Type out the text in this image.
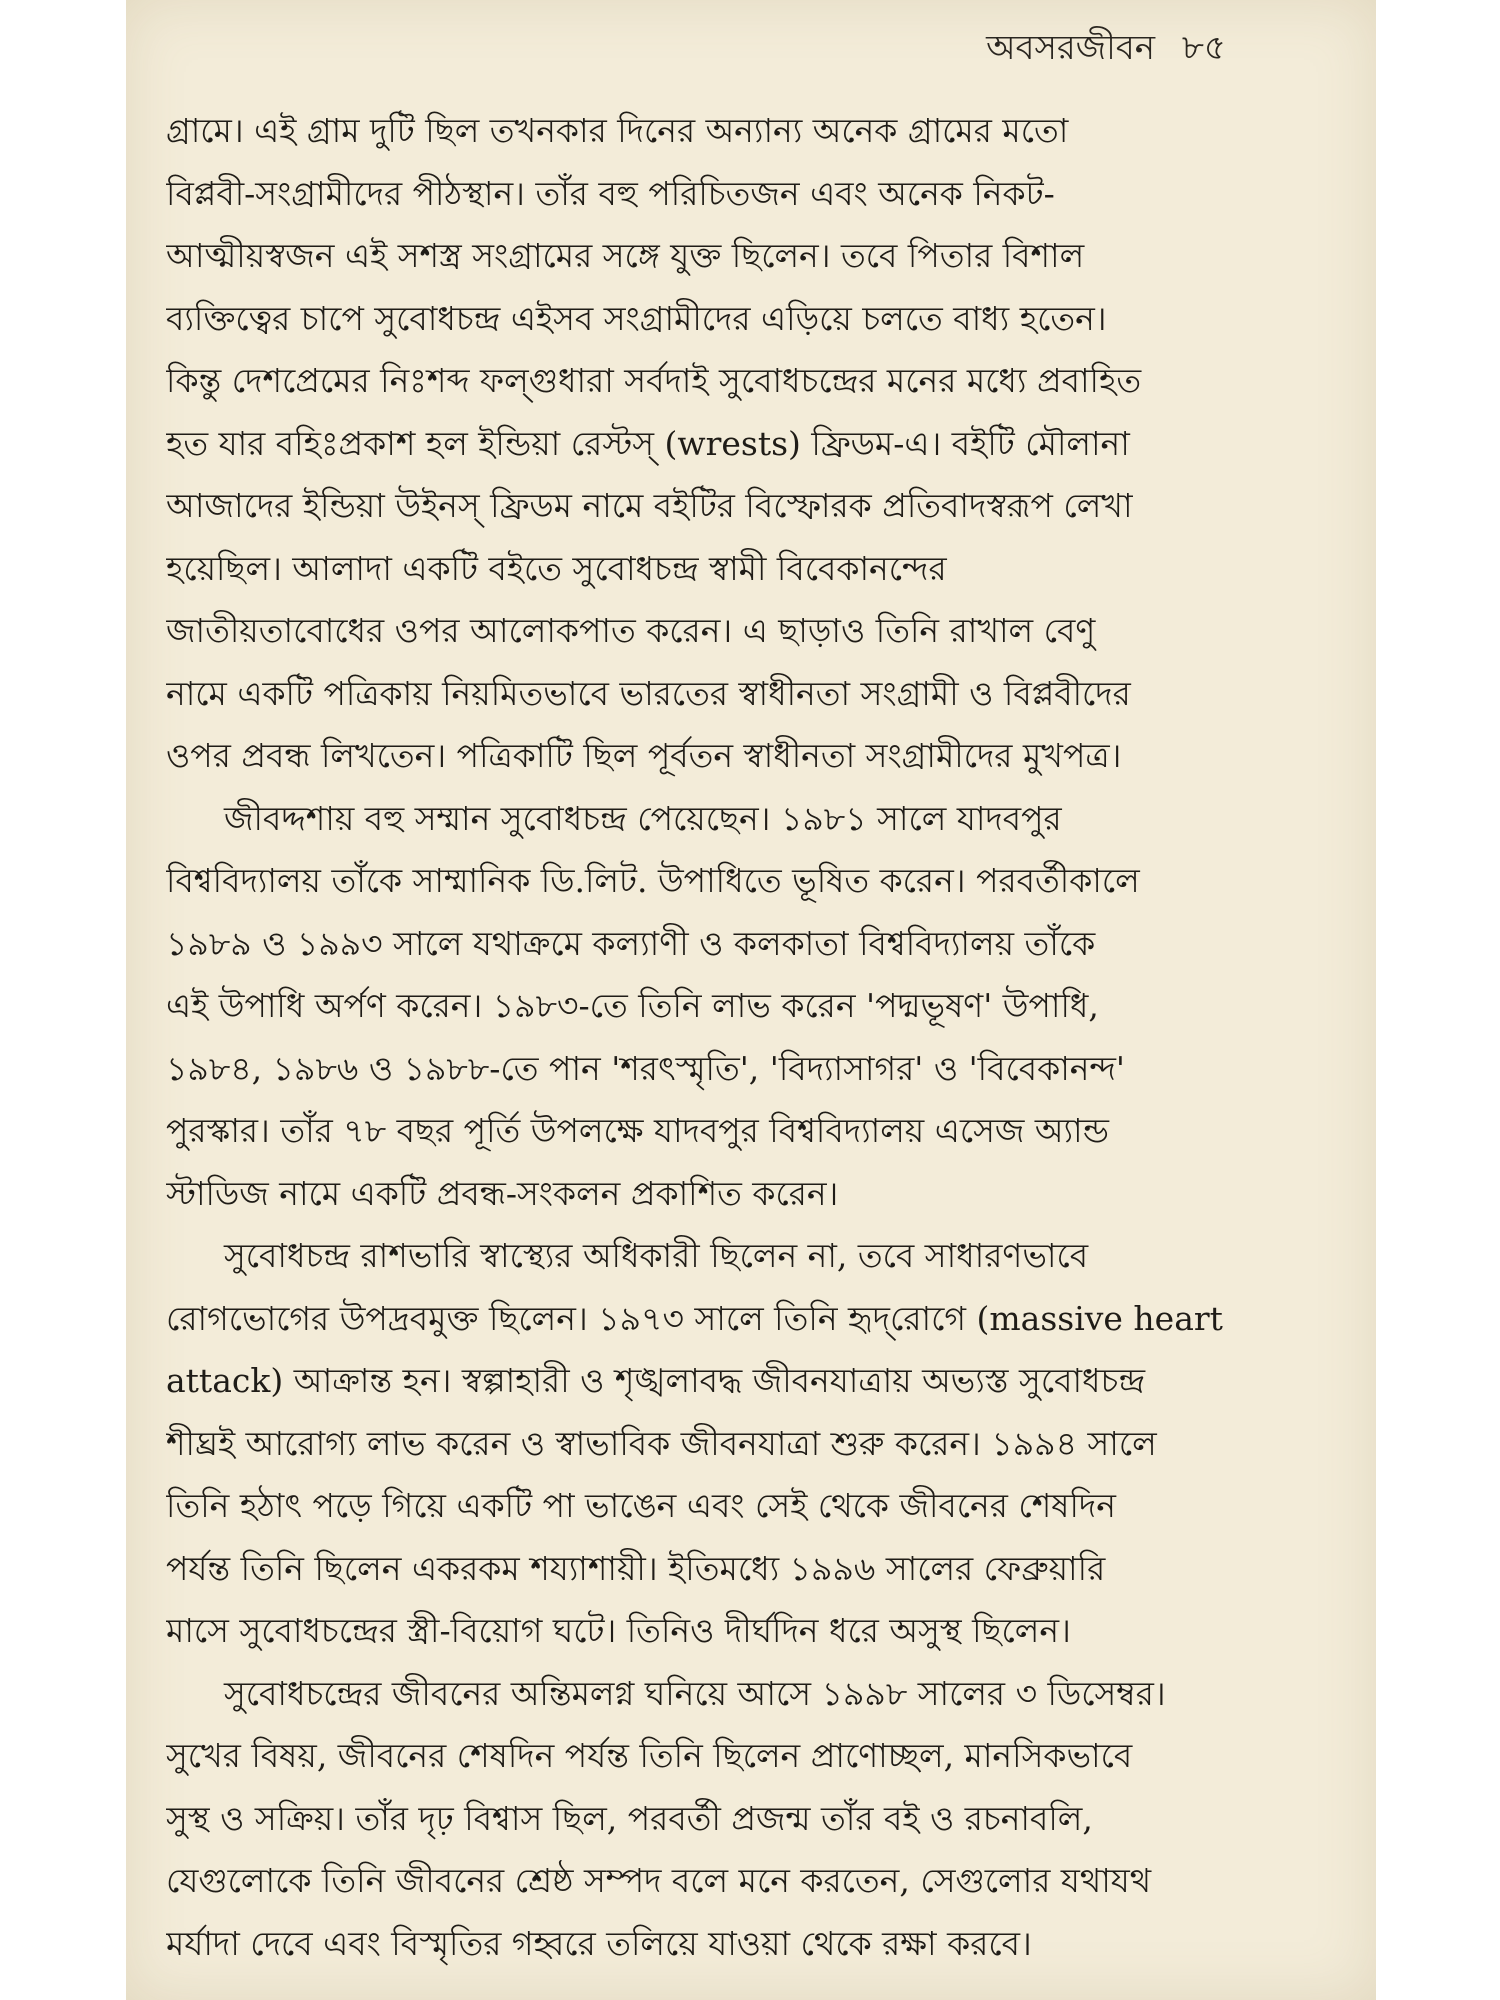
অবসরজীবন ৮৫
গ্রামে। এই গ্রাম দুটি ছিল তখনকার দিনের অন্যান্য অনেক গ্রামের মতো
বিপ্লবী-সংগ্রামীদের পীঠস্থান। তাঁর বহু পরিচিতজন এবং অনেক নিকট-
আত্মীয়স্বজন এই সশস্ত্র সংগ্রামের সঙ্গে যুক্ত ছিলেন। তবে পিতার বিশাল
ব্যক্তিত্বের চাপে সুবোধচন্দ্র এইসব সংগ্রামীদের এড়িয়ে চলতে বাধ্য হতেন।
কিন্তু দেশপ্রেমের নিঃশব্দ ফল্গুধারা সর্বদাই সুবোধচন্দ্রের মনের মধ্যে প্রবাহিত
হত যার বহিঃপ্রকাশ হল ইন্ডিয়া রেস্টস্ (wrests) ফ্রিডম-এ। বইটি মৌলানা
আজাদের ইন্ডিয়া উইনস্ ফ্রিডম নামে বইটির বিস্ফোরক প্রতিবাদস্বরূপ লেখা
হয়েছিল। আলাদা একটি বইতে সুবোধচন্দ্র স্বামী বিবেকানন্দের
জাতীয়তাবোধের ওপর আলোকপাত করেন। এ ছাড়াও তিনি রাখাল বেণু
নামে একটি পত্রিকায় নিয়মিতভাবে ভারতের স্বাধীনতা সংগ্রামী ও বিপ্লবীদের
ওপর প্রবন্ধ লিখতেন। পত্রিকাটি ছিল পূর্বতন স্বাধীনতা সংগ্রামীদের মুখপত্র।
জীবদ্দশায় বহু সম্মান সুবোধচন্দ্র পেয়েছেন। ১৯৮১ সালে যাদবপুর
বিশ্ববিদ্যালয় তাঁকে সাম্মানিক ডি.লিট. উপাধিতে ভূষিত করেন। পরবর্তীকালে
১৯৮৯ ও ১৯৯৩ সালে যথাক্রমে কল্যাণী ও কলকাতা বিশ্ববিদ্যালয় তাঁকে
এই উপাধি অর্পণ করেন। ১৯৮৩-তে তিনি লাভ করেন 'পদ্মভূষণ' উপাধি,
১৯৮৪, ১৯৮৬ ও ১৯৮৮-তে পান 'শরৎস্মৃতি', 'বিদ্যাসাগর' ও 'বিবেকানন্দ'
পুরস্কার। তাঁর ৭৮ বছর পূর্তি উপলক্ষে যাদবপুর বিশ্ববিদ্যালয় এসেজ অ্যান্ড
স্টাডিজ নামে একটি প্রবন্ধ-সংকলন প্রকাশিত করেন।
সুবোধচন্দ্র রাশভারি স্বাস্থ্যের অধিকারী ছিলেন না, তবে সাধারণভাবে
রোগভোগের উপদ্রবমুক্ত ছিলেন। ১৯৭৩ সালে তিনি হৃদ্‌রোগে (massive heart
attack) আক্রান্ত হন। স্বল্পাহারী ও শৃঙ্খলাবদ্ধ জীবনযাত্রায় অভ্যস্ত সুবোধচন্দ্র
শীঘ্রই আরোগ্য লাভ করেন ও স্বাভাবিক জীবনযাত্রা শুরু করেন। ১৯৯৪ সালে
তিনি হঠাৎ পড়ে গিয়ে একটি পা ভাঙেন এবং সেই থেকে জীবনের শেষদিন
পর্যন্ত তিনি ছিলেন একরকম শয্যাশায়ী। ইতিমধ্যে ১৯৯৬ সালের ফেব্রুয়ারি
মাসে সুবোধচন্দ্রের স্ত্রী-বিয়োগ ঘটে। তিনিও দীর্ঘদিন ধরে অসুস্থ ছিলেন।
সুবোধচন্দ্রের জীবনের অন্তিমলগ্ন ঘনিয়ে আসে ১৯৯৮ সালের ৩ ডিসেম্বর।
সুখের বিষয়, জীবনের শেষদিন পর্যন্ত তিনি ছিলেন প্রাণোচ্ছল, মানসিকভাবে
সুস্থ ও সক্রিয়। তাঁর দৃঢ় বিশ্বাস ছিল, পরবর্তী প্রজন্ম তাঁর বই ও রচনাবলি,
যেগুলোকে তিনি জীবনের শ্রেষ্ঠ সম্পদ বলে মনে করতেন, সেগুলোর যথাযথ
মর্যাদা দেবে এবং বিস্মৃতির গহ্বরে তলিয়ে যাওয়া থেকে রক্ষা করবে।
